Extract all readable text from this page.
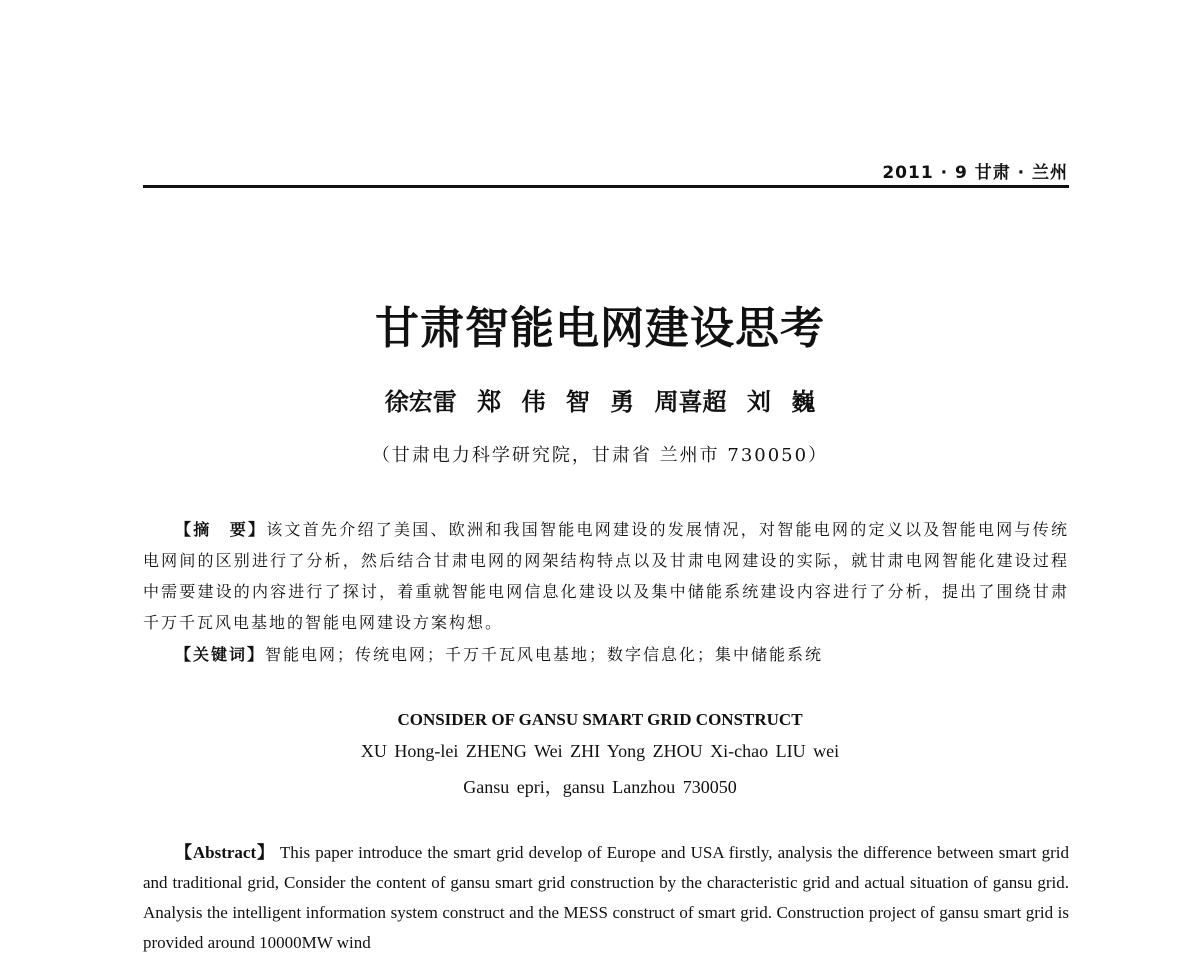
2011 · 9 甘肃 · 兰州
甘肃智能电网建设思考
徐宏雷 郑 伟 智 勇 周喜超 刘 巍
（甘肃电力科学研究院，甘肃省 兰州市 730050）

【摘　要】该文首先介绍了美国、欧洲和我国智能电网建设的发展情况，对智能电网的定义以及智能电网与传统电网间的区别进行了分析，然后结合甘肃电网的网架结构特点以及甘肃电网建设的实际，就甘肃电网智能化建设过程中需要建设的内容进行了探讨，着重就智能电网信息化建设以及集中储能系统建设内容进行了分析，提出了围绕甘肃千万千瓦风电基地的智能电网建设方案构想。

【关键词】智能电网；传统电网；千万千瓦风电基地；数字信息化；集中储能系统

CONSIDER OF GANSU SMART GRID CONSTRUCT
XU Hong-lei ZHENG Wei ZHI Yong ZHOU Xi-chao LIU wei
Gansu epri，gansu Lanzhou 730050

【Abstract】 This paper introduce the smart grid develop of Europe and USA firstly, analysis the difference between smart grid and traditional grid, Consider the content of gansu smart grid construction by the characteristic grid and actual situation of gansu grid. Analysis the intelligent information system construct and the MESS construct of smart grid. Construction project of gansu smart grid is provided around 10000MW wind
